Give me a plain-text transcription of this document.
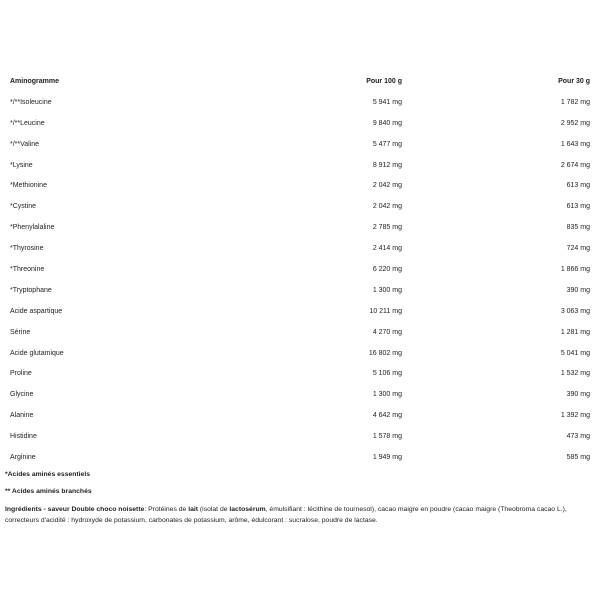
Aminogramme	Pour 100 g	Pour 30 g
*/**Isoleucine	5 941 mg	1 782 mg
*/**Leucine	9 840 mg	2 952 mg
*/**Valine	5 477 mg	1 643 mg
*Lysine	8 912 mg	2 674 mg
*Methionine	2 042 mg	613 mg
*Cystine	2 042 mg	613 mg
*Phenylalaline	2 785 mg	835 mg
*Thyrosine	2 414 mg	724 mg
*Threonine	6 220 mg	1 866 mg
*Tryptophane	1 300 mg	390 mg
Acide aspartique	10 211 mg	3 063 mg
Sérine	4 270 mg	1 281 mg
Acide glutamique	16 802 mg	5 041 mg
Proline	5 106 mg	1 532 mg
Glycine	1 300 mg	390 mg
Alanine	4 642 mg	1 392 mg
Histidine	1 578 mg	473 mg
Arginine	1 949 mg	585 mg
*Acides aminés essentiels
** Acides aminés branchés
Ingrédients - saveur Double choco noisette: Protéines de lait (isolat de lactosérum, émulsifiant : lécithine de tournesol), cacao maigre en poudre (cacao maigre (Theobroma cacao L.), correcteurs d'acidité : hydroxyde de potassium, carbonates de potassium, arôme, édulcorant : sucralose, poudre de lactase.
